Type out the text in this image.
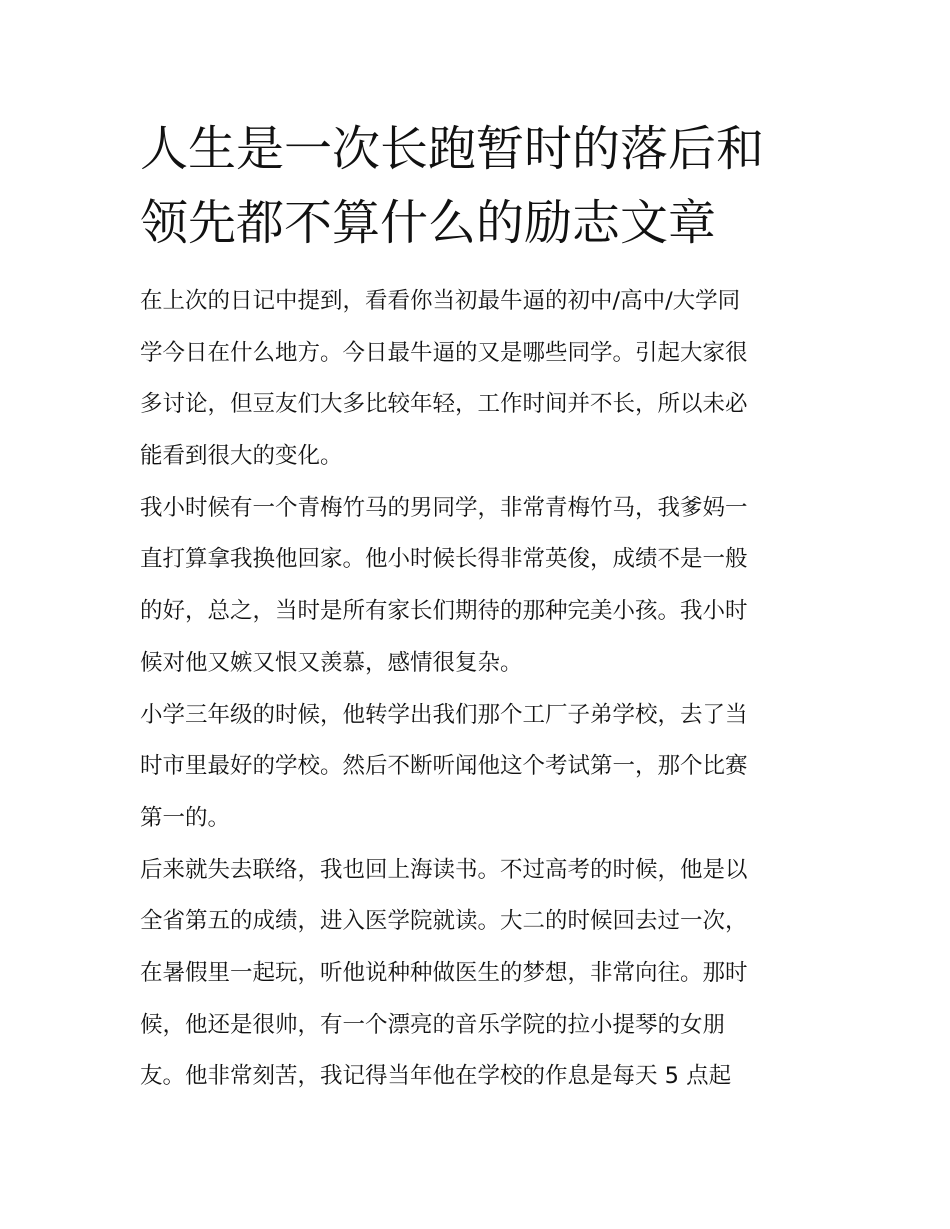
人生是一次长跑暂时的落后和
领先都不算什么的励志文章
在上次的日记中提到，看看你当初最牛逼的初中/高中/大学同
学今日在什么地方。今日最牛逼的又是哪些同学。引起大家很
多讨论，但豆友们大多比较年轻，工作时间并不长，所以未必
能看到很大的变化。
我小时候有一个青梅竹马的男同学，非常青梅竹马，我爹妈一
直打算拿我换他回家。他小时候长得非常英俊，成绩不是一般
的好，总之，当时是所有家长们期待的那种完美小孩。我小时
候对他又嫉又恨又羡慕，感情很复杂。
小学三年级的时候，他转学出我们那个工厂子弟学校，去了当
时市里最好的学校。然后不断听闻他这个考试第一，那个比赛
第一的。
后来就失去联络，我也回上海读书。不过高考的时候，他是以
全省第五的成绩，进入医学院就读。大二的时候回去过一次，
在暑假里一起玩，听他说种种做医生的梦想，非常向往。那时
候，他还是很帅，有一个漂亮的音乐学院的拉小提琴的女朋
友。他非常刻苦，我记得当年他在学校的作息是每天 5 点起
